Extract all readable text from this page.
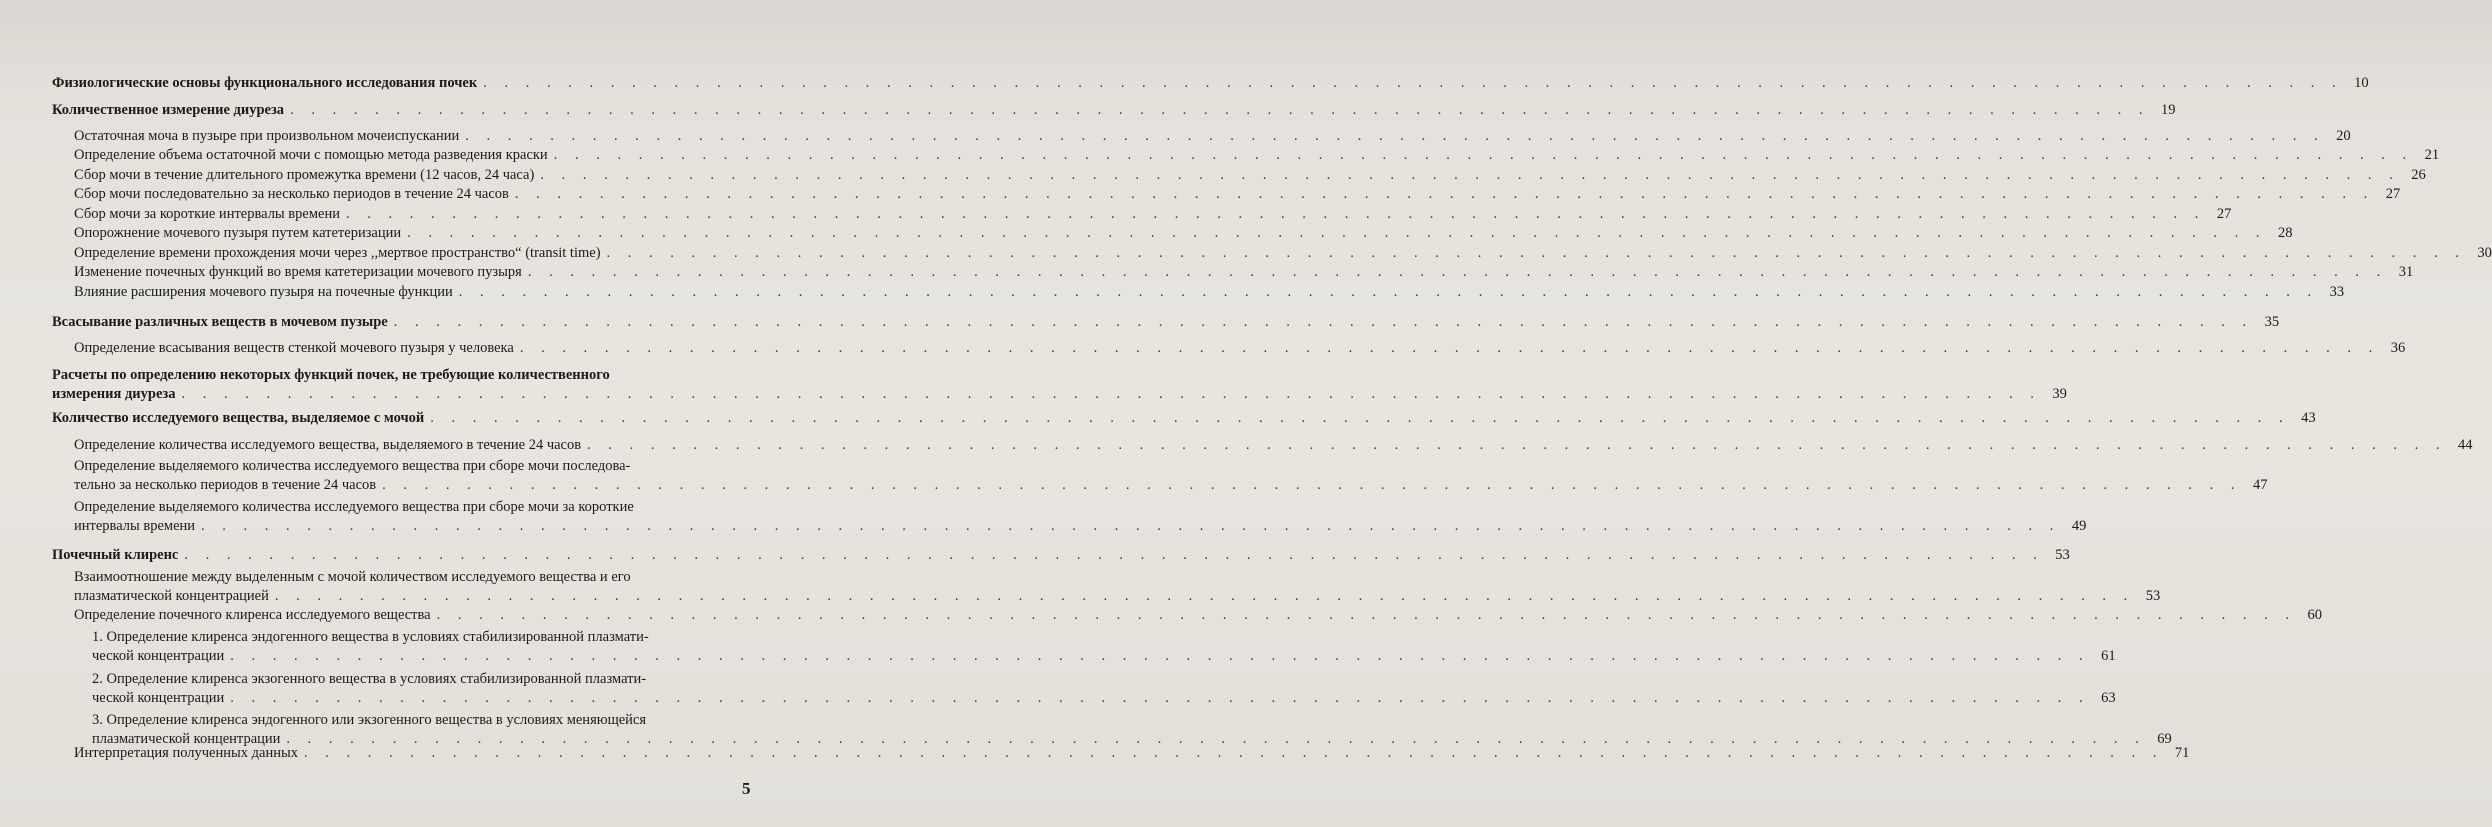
Физиологические основы функционального исследования почек . . .	10
Количественное измерение диуреза . . .	19
Остаточная моча в пузыре при произвольном мочеиспускании . . .	20
Определение объема остаточной мочи с помощью метода разведения краски . . .	21
Сбор мочи в течение длительного промежутка времени (12 часов, 24 часа) . . .	26
Сбор мочи последовательно за несколько периодов в течение 24 часов . . .	27
Сбор мочи за короткие интервалы времени . . .	27
Опорожнение мочевого пузыря путем катетеризации . . .	28
Определение времени прохождения мочи через ,,мертвое пространство“ (transit time) . . .	30
Изменение почечных функций во время катетеризации мочевого пузыря . . .	31
Влияние расширения мочевого пузыря на почечные функции . . .	33
Всасывание различных веществ в мочевом пузыре . . .	35
Определение всасывания веществ стенкой мочевого пузыря у человека . . .	36
Расчеты по определению некоторых функций почек, не требующие количественного
измерения диуреза . . .	39
Количество исследуемого вещества, выделяемое с мочой . . .	43
Определение количества исследуемого вещества, выделяемого в течение 24 часов . . .	44
Определение выделяемого количества исследуемого вещества при сборе мочи последова-
тельно за несколько периодов в течение 24 часов . . .	47
Определение выделяемого количества исследуемого вещества при сборе мочи за короткие
интервалы времени . . .	49
Почечный клиренс . . .	53
Взаимоотношение между выделенным с мочой количеством исследуемого вещества и его
плазматической концентрацией . . .	53
Определение почечного клиренса исследуемого вещества . . .	60
1. Определение клиренса эндогенного вещества в условиях стабилизированной плазмати-
ческой концентрации . . .	61
2. Определение клиренса экзогенного вещества в условиях стабилизированной плазмати-
ческой концентрации . . .	63
3. Определение клиренса эндогенного или экзогенного вещества в условиях меняющейся
плазматической концентрации . . .	69
Интерпретация полученных данных . . .	71
5
